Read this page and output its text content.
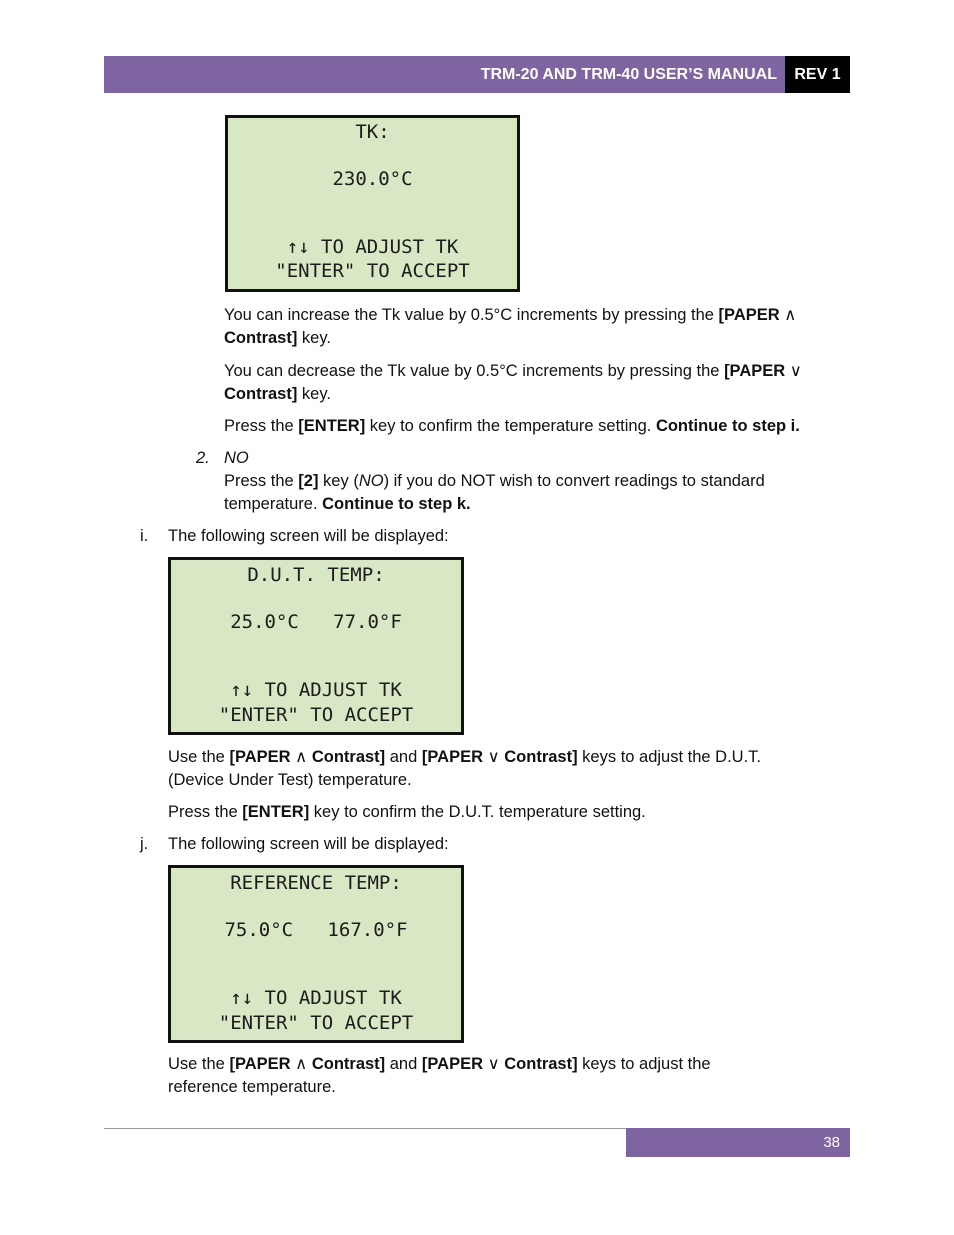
TRM-20 AND TRM-40 USER’S MANUAL	REV 1
TK:
230.0°C
↑↓ TO ADJUST TK
"ENTER" TO ACCEPT
You can increase the Tk value by 0.5°C increments by pressing the [PAPER ∧
Contrast] key.
You can decrease the Tk value by 0.5°C increments by pressing the [PAPER ∨
Contrast] key.
Press the [ENTER] key to confirm the temperature setting. Continue to step i.
2. NO
Press the [2] key (NO) if you do NOT wish to convert readings to standard
temperature. Continue to step k.
i. The following screen will be displayed:
D.U.T. TEMP:
25.0°C   77.0°F
↑↓ TO ADJUST TK
"ENTER" TO ACCEPT
Use the [PAPER ∧ Contrast] and [PAPER ∨ Contrast] keys to adjust the D.U.T.
(Device Under Test) temperature.
Press the [ENTER] key to confirm the D.U.T. temperature setting.
j. The following screen will be displayed:
REFERENCE TEMP:
75.0°C   167.0°F
↑↓ TO ADJUST TK
"ENTER" TO ACCEPT
Use the [PAPER ∧ Contrast] and [PAPER ∨ Contrast] keys to adjust the
reference temperature.
38
